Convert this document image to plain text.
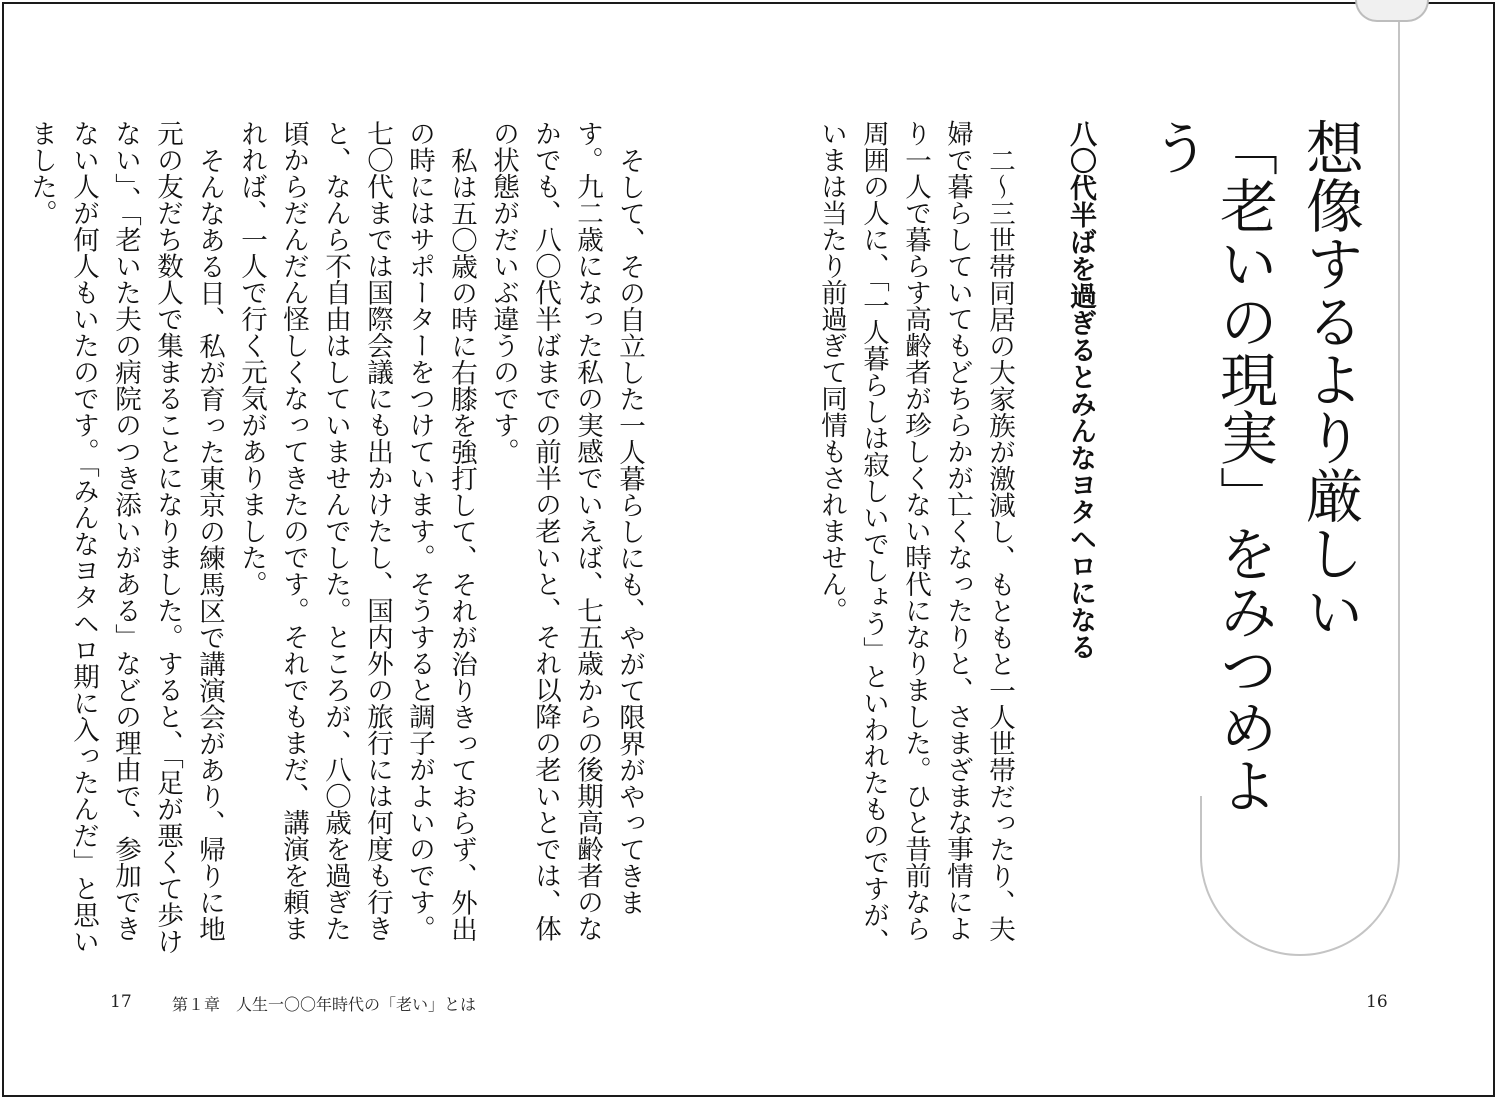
想像するより厳しい
「老いの現実」をみつめよう
八〇代半ばを過ぎるとみんなヨタヘロになる

二〜三世帯同居の大家族が激減し、もともと一人世帯だったり、夫婦で暮らしていてもどちらかが亡くなったりと、さまざまな事情により一人で暮らす高齢者が珍しくない時代になりました。ひと昔前なら周囲の人に、「一人暮らしは寂しいでしょう」といわれたものですが、いまは当たり前過ぎて同情もされません。

そして、その自立した一人暮らしにも、やがて限界がやってきます。九二歳になった私の実感でいえば、七五歳からの後期高齢者のなかでも、八〇代半ばまでの前半の老いと、それ以降の老いとでは、体の状態がだいぶ違うのです。

私は五〇歳の時に右膝を強打して、それが治りきっておらず、外出の時にはサポーターをつけています。そうすると調子がよいのです。七〇代までは国際会議にも出かけたし、国内外の旅行には何度も行きと、なんら不自由はしていませんでした。ところが、八〇歳を過ぎた頃からだんだん怪しくなってきたのです。それでもまだ、講演を頼まれれば、一人で行く元気がありました。

そんなある日、私が育った東京の練馬区で講演会があり、帰りに地元の友だち数人で集まることになりました。すると、「足が悪くて歩けない」、「老いた夫の病院のつき添いがある」などの理由で、参加できない人が何人もいたのです。「みんなヨタヘロ期に入ったんだ」と思いました。

17	第１章　人生一〇〇年時代の「老い」とは	16
